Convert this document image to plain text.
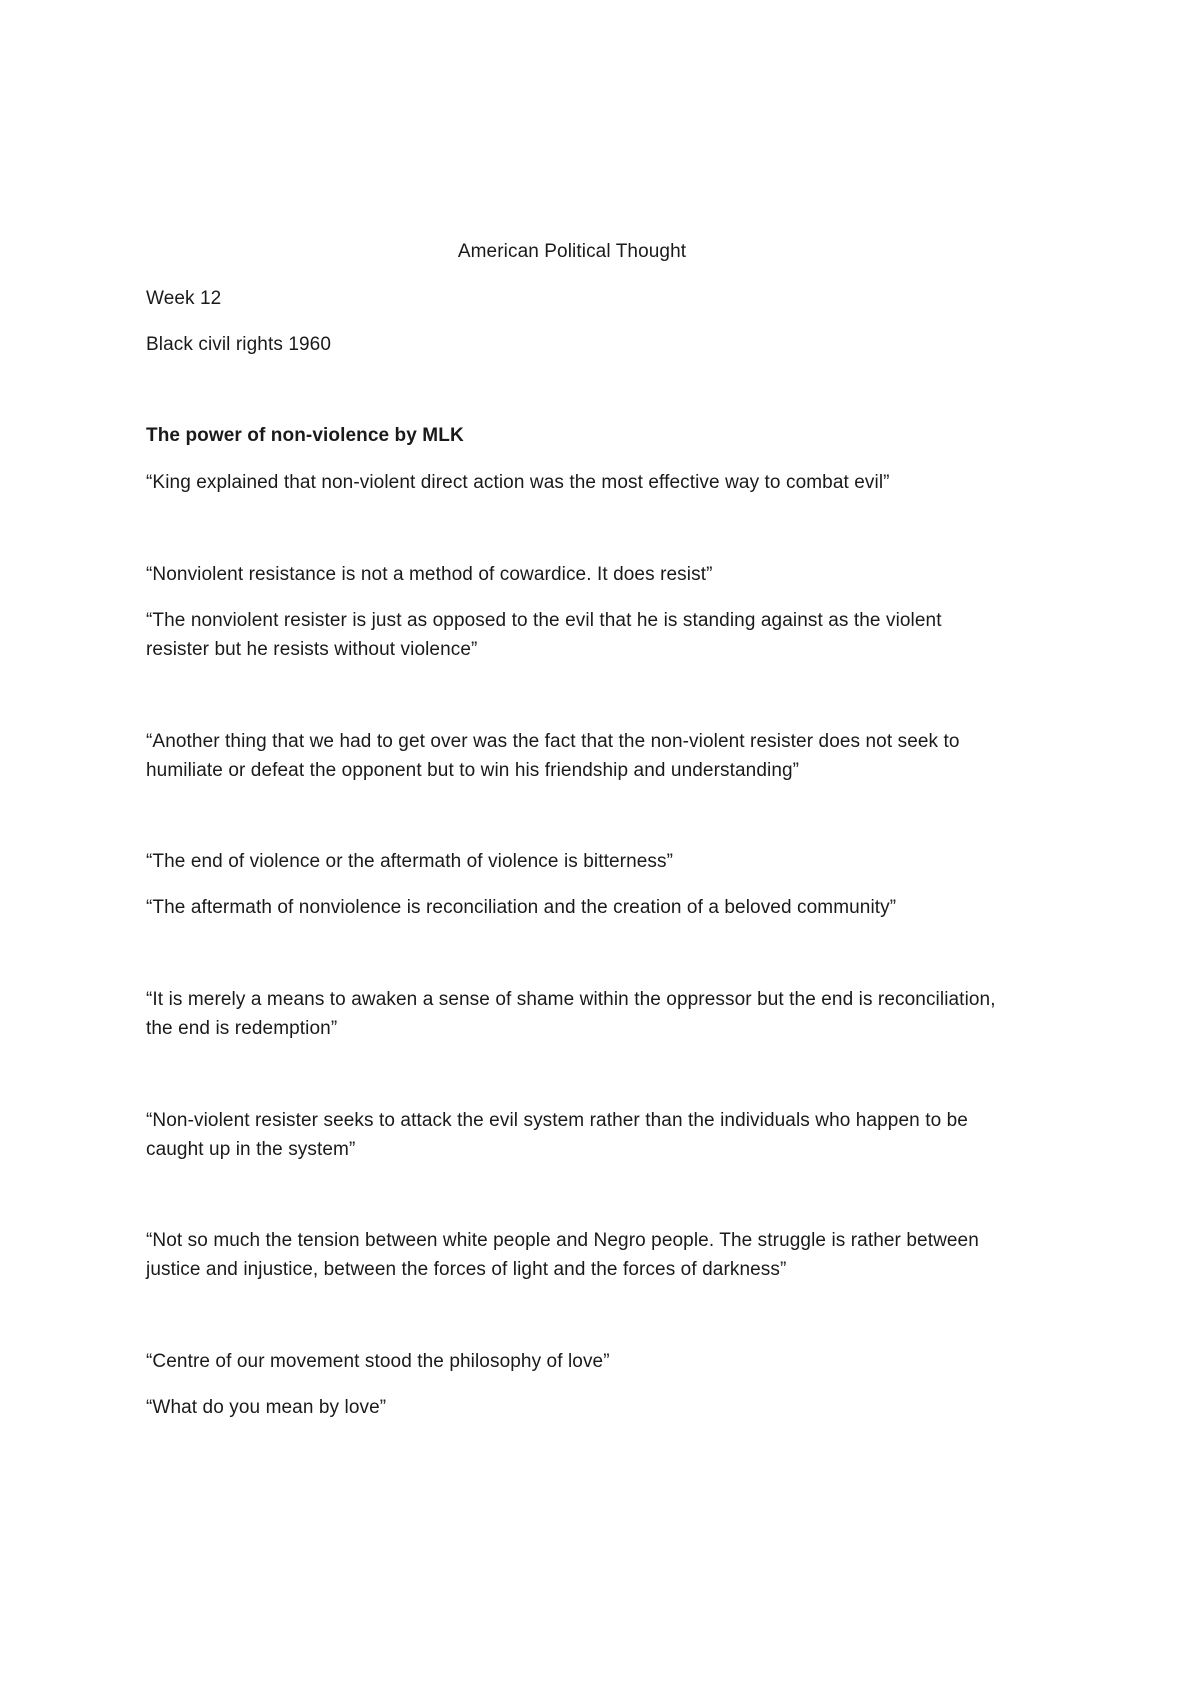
American Political Thought
Week 12
Black civil rights 1960
The power of non-violence by MLK
“King explained that non-violent direct action was the most effective way to combat evil”
“Nonviolent resistance is not a method of cowardice. It does resist”
“The nonviolent resister is just as opposed to the evil that he is standing against as the violent
resister but he resists without violence”
“Another thing that we had to get over was the fact that the non-violent resister does not seek to
humiliate or defeat the opponent but to win his friendship and understanding”
“The end of violence or the aftermath of violence is bitterness”
“The aftermath of nonviolence is reconciliation and the creation of a beloved community”
“It is merely a means to awaken a sense of shame within the oppressor but the end is reconciliation,
the end is redemption”
“Non-violent resister seeks to attack the evil system rather than the individuals who happen to be
caught up in the system”
“Not so much the tension between white people and Negro people. The struggle is rather between
justice and injustice, between the forces of light and the forces of darkness”
“Centre of our movement stood the philosophy of love”
“What do you mean by love”
